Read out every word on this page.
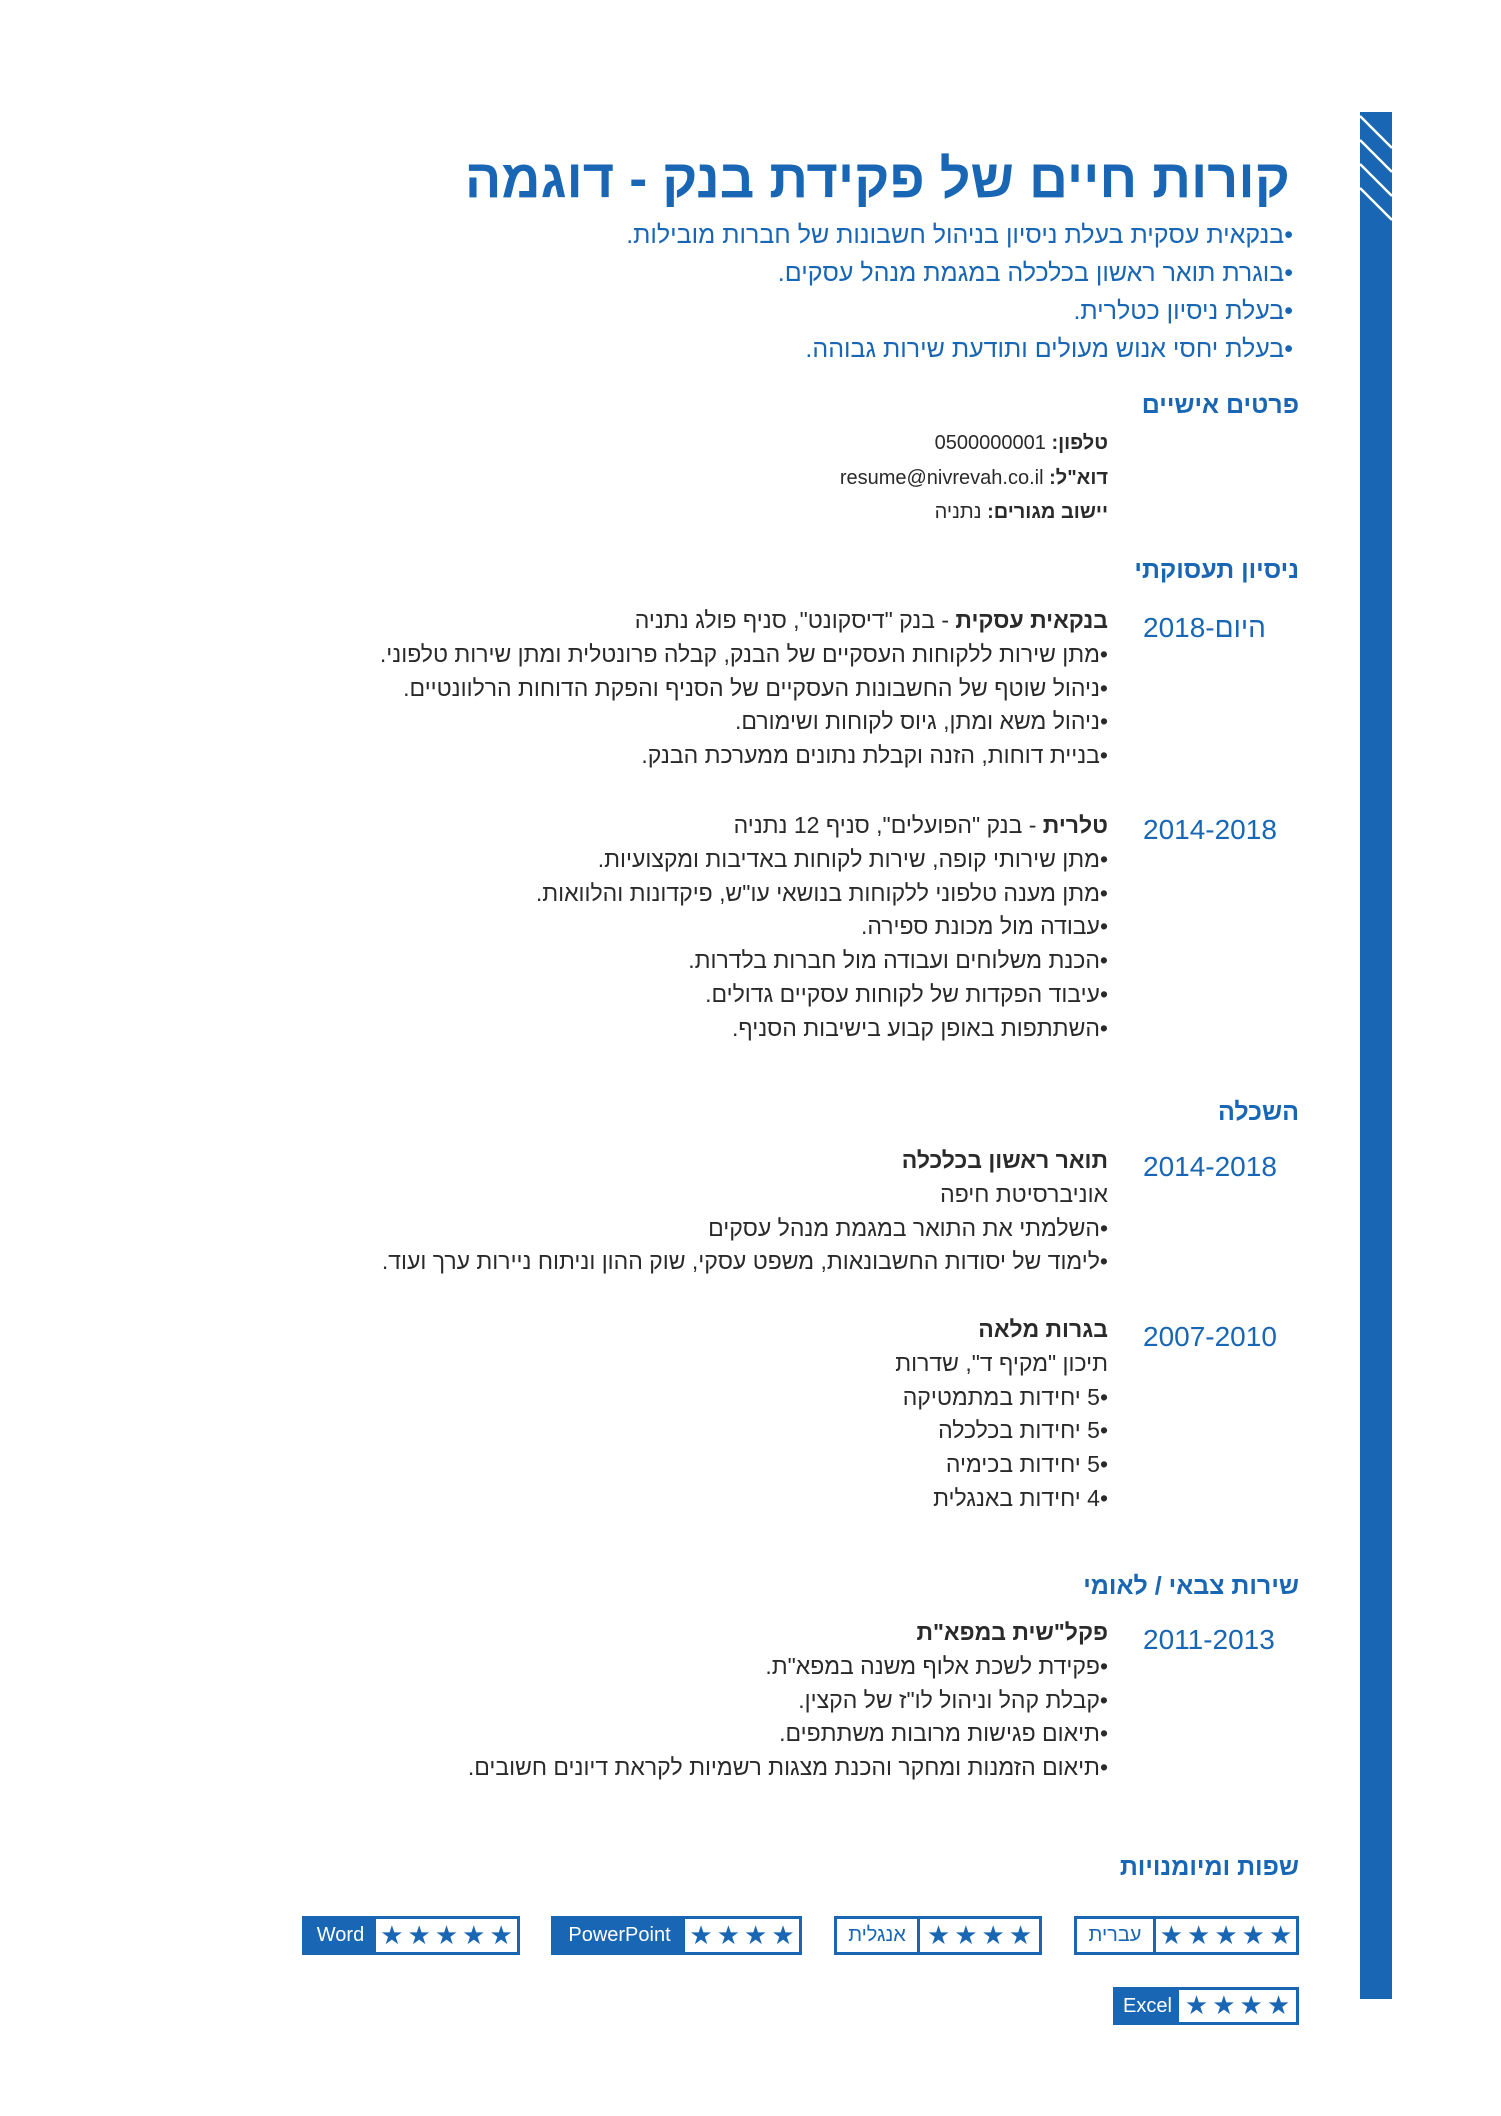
קורות חיים של פקידת בנק - דוגמה
•בנקאית עסקית בעלת ניסיון בניהול חשבונות של חברות מובילות.
•בוגרת תואר ראשון בכלכלה במגמת מנהל עסקים.
•בעלת ניסיון כטלרית.
•בעלת יחסי אנוש מעולים ותודעת שירות גבוהה.
פרטים אישיים
טלפון: 0500000001
דוא"ל: resume@nivrevah.co.il
יישוב מגורים: נתניה
ניסיון תעסוקתי
2018-היום
בנקאית עסקית - בנק "דיסקונט", סניף פולג נתניה
•מתן שירות ללקוחות העסקיים של הבנק, קבלה פרונטלית ומתן שירות טלפוני.
•ניהול שוטף של החשבונות העסקיים של הסניף והפקת הדוחות הרלוונטיים.
•ניהול משא ומתן, גיוס לקוחות ושימורם.
•בניית דוחות, הזנה וקבלת נתונים ממערכת הבנק.
2014-2018
טלרית - בנק "הפועלים", סניף 12 נתניה
•מתן שירותי קופה, שירות לקוחות באדיבות ומקצועיות.
•מתן מענה טלפוני ללקוחות בנושאי עו"ש, פיקדונות והלוואות.
•עבודה מול מכונת ספירה.
•הכנת משלוחים ועבודה מול חברות בלדרות.
•עיבוד הפקדות של לקוחות עסקיים גדולים.
•השתתפות באופן קבוע בישיבות הסניף.
השכלה
2014-2018
תואר ראשון בכלכלה
אוניברסיטת חיפה
•השלמתי את התואר במגמת מנהל עסקים
•לימוד של יסודות החשבונאות, משפט עסקי, שוק ההון וניתוח ניירות ערך ועוד.
2007-2010
בגרות מלאה
תיכון "מקיף ד", שדרות
•5 יחידות במתמטיקה
•5 יחידות בכלכלה
•5 יחידות בכימיה
•4 יחידות באנגלית
שירות צבאי / לאומי
2011-2013
פקל"שית במפא"ת
•פקידת לשכת אלוף משנה במפא"ת.
•קבלת קהל וניהול לו"ז של הקצין.
•תיאום פגישות מרובות משתתפים.
•תיאום הזמנות ומחקר והכנת מצגות רשמיות לקראת דיונים חשובים.
שפות ומיומנויות
עברית ★ ★ ★ ★ ★
אנגלית ★ ★ ★ ★
PowerPoint ★ ★ ★ ★
Word ★ ★ ★ ★ ★
Excel ★ ★ ★ ★
